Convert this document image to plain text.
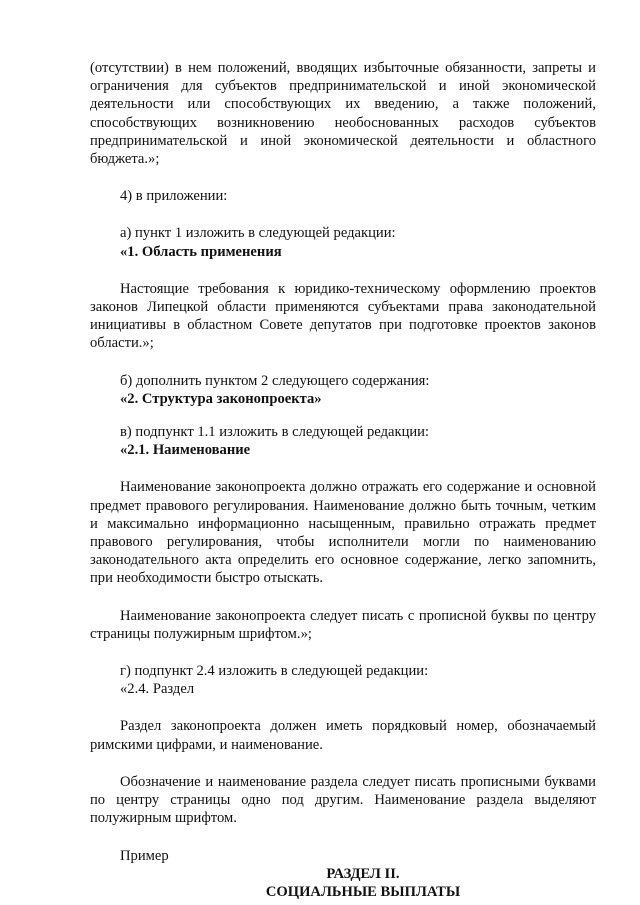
(отсутствии) в нем положений, вводящих избыточные обязанности, запреты и ограничения для субъектов предпринимательской и иной экономической деятельности или способствующих их введению, а также положений, способствующих возникновению необоснованных расходов субъектов предпринимательской и иной экономической деятельности и областного бюджета.»;

4) в приложении:

а) пункт 1 изложить в следующей редакции:

«1. Область применения

Настоящие требования к юридико-техническому оформлению проектов законов Липецкой области применяются субъектами права законодательной инициативы в областном Совете депутатов при подготовке проектов законов области.»;

б) дополнить пунктом 2 следующего содержания:

«2. Структура законопроекта»

в) подпункт 1.1 изложить в следующей редакции:

«2.1. Наименование

Наименование законопроекта должно отражать его содержание и основной предмет правового регулирования. Наименование должно быть точным, четким и максимально информационно насыщенным, правильно отражать предмет правового регулирования, чтобы исполнители могли по наименованию законодательного акта определить его основное содержание, легко запомнить, при необходимости быстро отыскать.

Наименование законопроекта следует писать с прописной буквы по центру страницы полужирным шрифтом.»;

г) подпункт 2.4 изложить в следующей редакции:

«2.4. Раздел

Раздел законопроекта должен иметь порядковый номер, обозначаемый римскими цифрами, и наименование.

Обозначение и наименование раздела следует писать прописными буквами по центру страницы одно под другим. Наименование раздела выделяют полужирным шрифтом.

Пример

РАЗДЕЛ II.

СОЦИАЛЬНЫЕ ВЫПЛАТЫ
